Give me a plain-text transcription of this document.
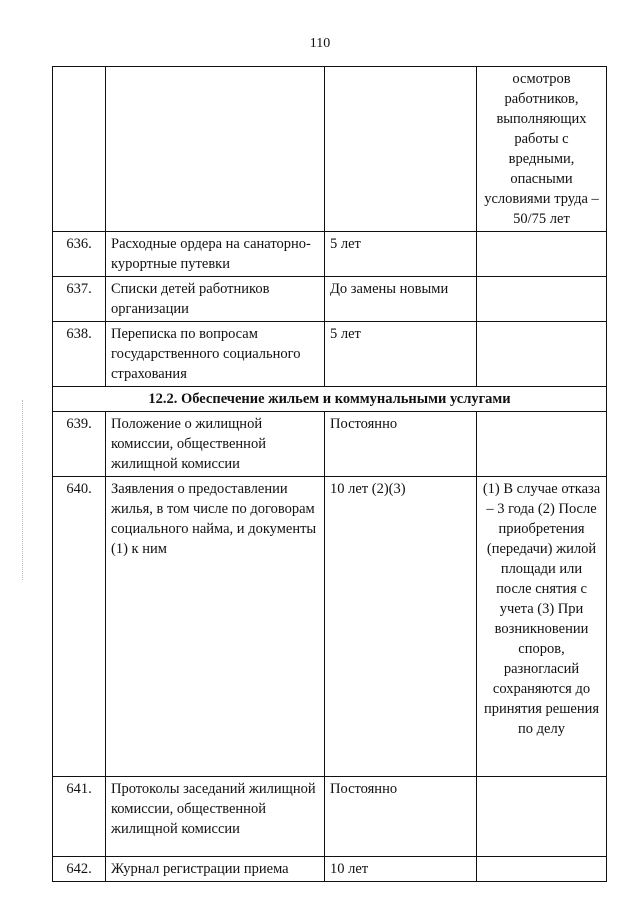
110
			осмотров работников, выполняющих работы с вредными, опасными условиями труда – 50/75 лет
636.	Расходные ордера на санаторно-курортные путевки	5 лет	
637.	Списки детей работников организации	До замены новыми	
638.	Переписка по вопросам государственного социального страхования	5 лет	
12.2. Обеспечение жильем и коммунальными услугами			
639.	Положение о жилищной комиссии, общественной жилищной комиссии	Постоянно	
640.	Заявления о предоставлении жилья, в том числе по договорам социального найма, и документы (1) к ним	10 лет (2)(3)	(1) В случае отказа – 3 года (2) После приобретения (передачи) жилой площади или после снятия с учета (3) При возникновении споров, разногласий сохраняются до принятия решения по делу
641.	Протоколы заседаний жилищной комиссии, общественной жилищной комиссии	Постоянно	
642.	Журнал регистрации приема	10 лет	
